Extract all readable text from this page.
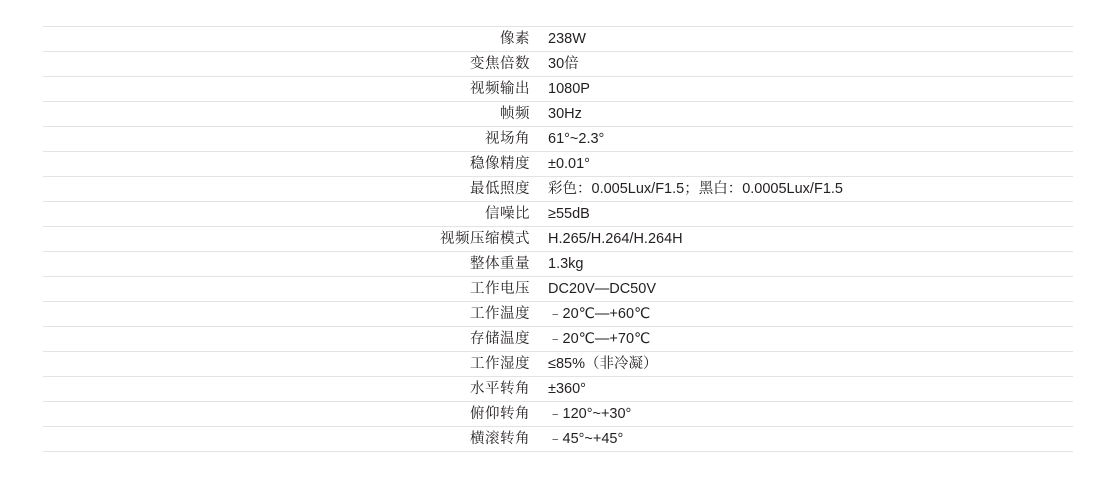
像素		238W
变焦倍数		30倍
视频输出		1080P
帧频		30Hz
视场角		61°~2.3°
稳像精度		±0.01°
最低照度		彩色：0.005Lux/F1.5；黑白：0.0005Lux/F1.5
信噪比		≥55dB
视频压缩模式		H.265/H.264/H.264H
整体重量		1.3kg
工作电压		DC20V—DC50V
工作温度		﹣20℃—+60℃
存储温度		﹣20℃—+70℃
工作湿度		≤85%（非冷凝）
水平转角		±360°
俯仰转角		﹣120°~+30°
横滚转角		﹣45°~+45°
